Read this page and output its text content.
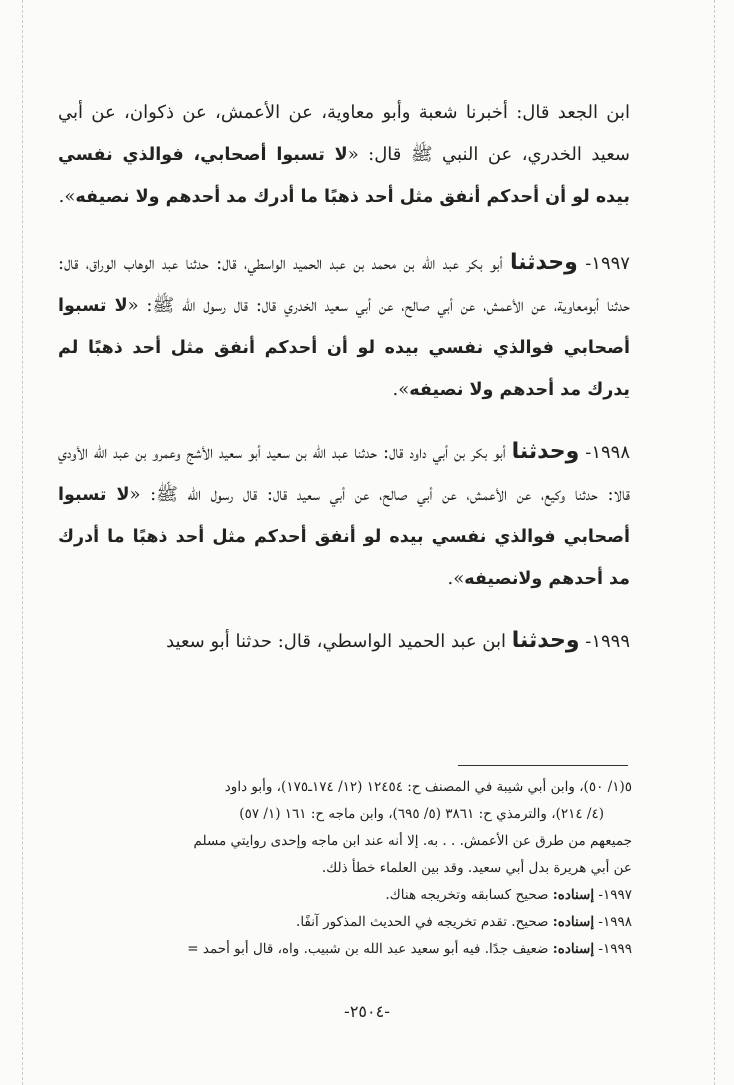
ابن الجعد قال: أخبرنا شعبة وأبو معاوية، عن الأعمش، عن ذكوان، عن أبي سعيد الخدري، عن النبي ﷺ قال: «لا تسبوا أصحابي، فوالذي نفسي بيده لو أن أحدكم أنفق مثل أحد ذهبًا ما أدرك مد أحدهم ولا نصيفه».

١٩٩٧- وحدثنا أبو بكر عبد الله بن محمد بن عبد الحميد الواسطي، قال: حدثنا عبد الوهاب الوراق، قال: حدثنا أبومعاوية، عن الأعمش، عن أبي صالح، عن أبي سعيد الخدري قال: قال رسول الله ﷺ: «لا تسبوا أصحابي فوالذي نفسي بيده لو أن أحدكم أنفق مثل أحد ذهبًا لم يدرك مد أحدهم ولا نصيفه».

١٩٩٨- وحدثنا أبو بكر بن أبي داود قال: حدثنا عبد الله بن سعيد أبو سعيد الأشج وعمرو بن عبد الله الأودي قالا: حدثنا وكيع، عن الأعمش، عن أبي صالح، عن أبي سعيد قال: قال رسول الله ﷺ: «لا تسبوا أصحابي فوالذي نفسي بيده لو أنفق أحدكم مثل أحد ذهبًا ما أدرك مد أحدهم ولانصيفه».

١٩٩٩- وحدثنا ابن عبد الحميد الواسطي، قال: حدثنا أبو سعيد

٥(١/ ٥٠)، وابن أبي شيبة في المصنف ح: ١٢٤٥٤ (١٢/ ١٧٤ـ١٧٥)، وأبو داود

(٤/ ٢١٤)، والترمذي ح: ٣٨٦١ (٥/ ٦٩٥)، وابن ماجه ح: ١٦١ (١/ ٥٧)

جميعهم من طرق عن الأعمش. . . به. إلا أنه عند ابن ماجه وإحدى روايتي مسلم

عن أبي هريرة بدل أبي سعيد. وقد بين العلماء خطأ ذلك.

١٩٩٧- إسناده: صحيح كسابقه وتخريجه هناك.

١٩٩٨- إسناده: صحيح. تقدم تخريجه في الحديث المذكور آنفًا.

١٩٩٩- إسناده: ضعيف جدًا. فيه أبو سعيد عبد الله بن شبيب. واه، قال أبو أحمد =

-٢٥٠٤-
